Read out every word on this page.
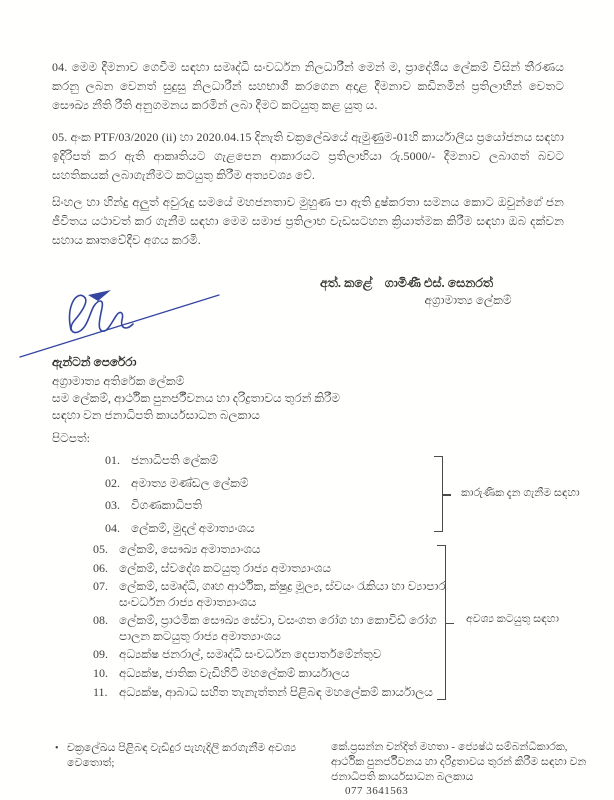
04. මෙම දීමනාව ගෙවීම සඳහා සමෘද්ධි සංවර්ධන නිලධාරීන් මෙන් ම, ප්‍රාදේශීය ලේකම් විසින් තීරණය කරනු ලබන වෙනත් සුදුසු නිලධාරීන් සහභාගී කරගෙන අදාළ දීමනාව කඩිනමින් ප්‍රතිලාභීන් වෙතට සෞඛ්‍ය නීති රීති අනුගමනය කරමින් ලබා දීමට කටයුතු කළ යුතු ය.
05. අංක PTF/03/2020 (ii) හා 2020.04.15 දිනැති චක්‍රලේඛයේ ඇමුණුම-01හි කාර්යාලීය ප්‍රයෝජනය සඳහා ඉදිරිපත් කර ඇති ආකෘතියට ගැළපෙන ආකාරයට ප්‍රතිලාභියා රු.5000/- දීමනාව ලබාගත් බවට සහතිකයක් ලබාගැනීමට කටයුතු කිරීම අත්‍යවශ්‍ය වේ.
සිංහල හා හින්දු අලුත් අවුරුදු සමයේ මහජනතාව මුහුණ පා ඇති දුෂ්කරතා සමනය කොට ඔවුන්ගේ ජන ජීවිතය යථාවත් කර ගැනීම සඳහා මෙම සමාජ ප්‍රතිලාභ වැඩසටහන ක්‍රියාත්මක කිරීම සඳහා ඔබ දක්වන සහාය කෘතවේදීව අගය කරමි.
අත්. කළේ    ගාමිණී එස්. සෙනරත්
අග්‍රාමාත්‍ය ලේකම්
ඇන්ටන් පෙරේරා
අග්‍රාමාත්‍ය අතිරේක ලේකම්
සම ලේකම්, ආර්ථික පුනර්ජීවනය හා දරිද්‍රතාවය තුරන් කිරීම
සඳහා වන ජනාධිපති කාර්යසාධන බලකාය
පිටපත්:
01. ජනාධිපති ලේකම්
02. අමාත්‍ය මණ්ඩල ලේකම්
03. විගණකාධිපති
04. ලේකම්, මුදල් අමාත්‍යංශය
කාරුණික දැන ගැනීම සඳහා
05. ලේකම්, සෞඛ්‍ය අමාත්‍යාංශය
06. ලේකම්, ස්වදේශ කටයුතු රාජ්‍ය අමාත්‍යාංශය
07. ලේකම්, සමෘද්ධි, ගෘහ ආර්ථික, ක්ෂුද්‍ර මූල්‍ය, ස්වයං රැකියා හා ව්‍යාපාර සංවර්ධන රාජ්‍ය අමාත්‍යාංශය
08. ලේකම්, ප්‍රාථමික සෞඛ්‍ය සේවා, වසංගත රෝග හා කොවිඩ් රෝග පාලන කටයුතු රාජ්‍ය අමාත්‍යාංශය
09. අධ්‍යක්ෂ ජනරාල්, සමෘද්ධි සංවර්ධන දෙපාර්තමේන්තුව
10. අධ්‍යක්ෂ, ජාතික වැඩිහිටි මහලේකම් කාර්යාලය
11. අධ්‍යක්ෂ, ආබාධ සහිත තැනැත්තන් පිළිබඳ මහලේකම් කාර්යාලය
අවශ්‍ය කටයුතු සඳහා
• චක්‍රලේඛය පිළිබඳ වැඩිදුර පැහැදිලි කරගැනීම අවශ්‍ය වෙතොත්;
කේ.ප්‍රසන්න චන්දිත් මහතා - ජ්‍යෙෂ්ඨ සම්බන්ධීකාරක,
ආර්ථික පුනර්ජීවනය හා දරිද්‍රතාවය තුරන් කිරීම සඳහා වන
ජනාධිපති කාර්යසාධන බලකාය
077 3641563
